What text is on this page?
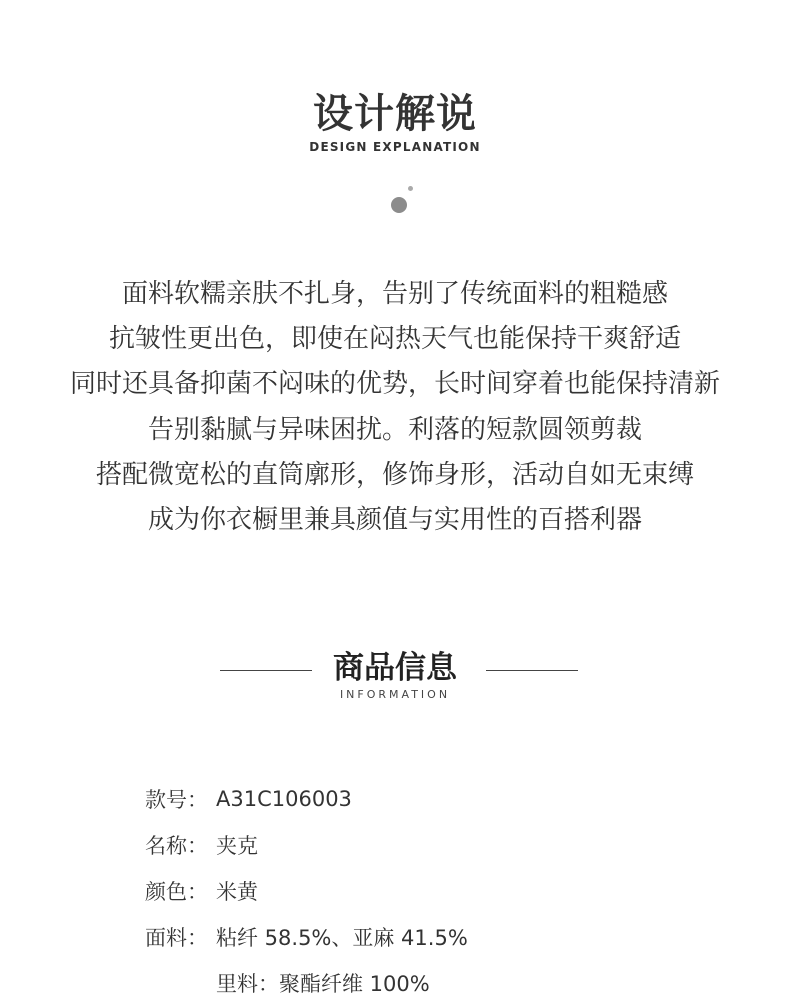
设计解说
DESIGN EXPLANATION
面料软糯亲肤不扎身，告别了传统面料的粗糙感
抗皱性更出色，即使在闷热天气也能保持干爽舒适
同时还具备抑菌不闷味的优势，长时间穿着也能保持清新
告别黏腻与异味困扰。利落的短款圆领剪裁
搭配微宽松的直筒廓形，修饰身形，活动自如无束缚
成为你衣橱里兼具颜值与实用性的百搭利器
商品信息
INFORMATION
款号： A31C106003
名称： 夹克
颜色： 米黄
面料： 粘纤 58.5%、亚麻 41.5%
里料：聚酯纤维 100%
